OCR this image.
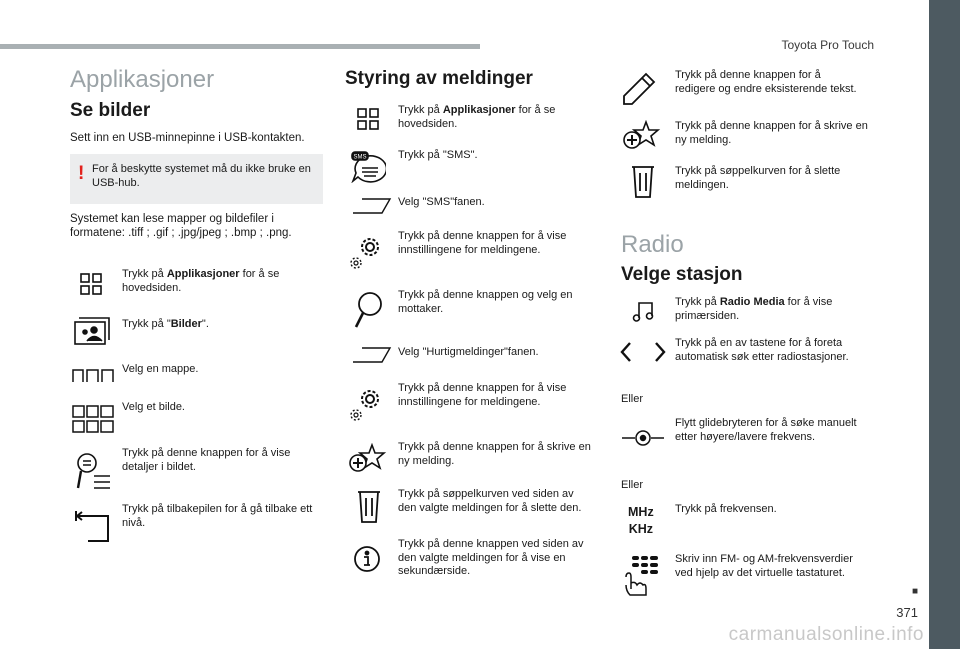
Toyota Pro Touch
■
371
carmanualsonline.info
Applikasjoner
Se bilder
Sett inn en USB-minnepinne i USB-kontakten.
! For å beskytte systemet må du ikke bruke en USB-hub.
Systemet kan lese mapper og bildefiler i formatene: .tiff ; .gif ; .jpg/jpeg ; .bmp ; .png.
Trykk på Applikasjoner for å se hovedsiden.
Trykk på "Bilder".
Velg en mappe.
Velg et bilde.
Trykk på denne knappen for å vise detaljer i bildet.
Trykk på tilbakepilen for å gå tilbake ett nivå.
Styring av meldinger
Trykk på Applikasjoner for å se hovedsiden.
SMS	Trykk på "SMS".
Velg "SMS"fanen.
Trykk på denne knappen for å vise innstillingene for meldingene.
Trykk på denne knappen og velg en mottaker.
Velg "Hurtigmeldinger"fanen.
Trykk på denne knappen for å vise innstillingene for meldingene.
Trykk på denne knappen for å skrive en ny melding.
Trykk på søppelkurven ved siden av den valgte meldingen for å slette den.
Trykk på denne knappen ved siden av den valgte meldingen for å vise en sekundærside.
Trykk på denne knappen for å redigere og endre eksisterende tekst.
Trykk på denne knappen for å skrive en ny melding.
Trykk på søppelkurven for å slette meldingen.
Radio
Velge stasjon
Trykk på Radio Media for å vise primærsiden.
Trykk på en av tastene for å foreta automatisk søk etter radiostasjoner.
Eller
Flytt glidebryteren for å søke manuelt etter høyere/lavere frekvens.
Eller
MHz
KHz
Trykk på frekvensen.
Skriv inn FM- og AM-frekvensverdier ved hjelp av det virtuelle tastaturet.
